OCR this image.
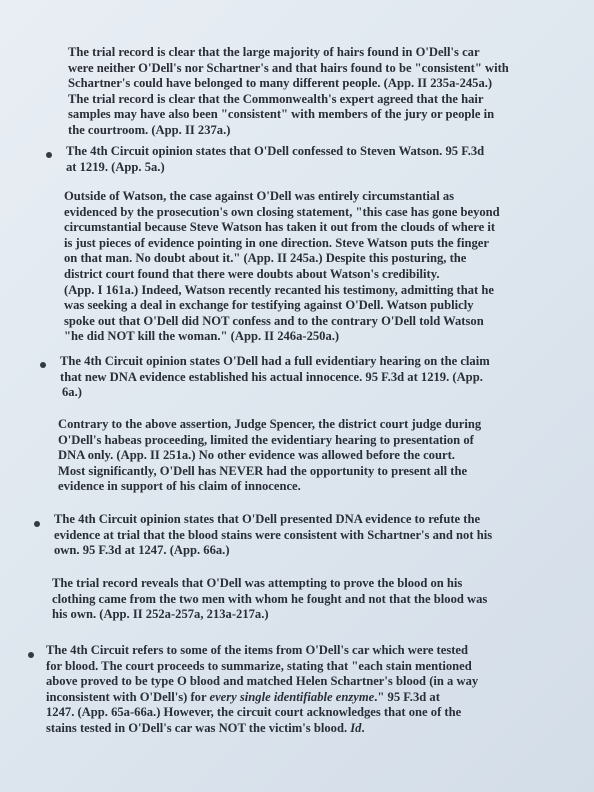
The trial record is clear that the large majority of hairs found in O'Dell's car
were neither O'Dell's nor Schartner's and that hairs found to be "consistent" with
Schartner's could have belonged to many different people. (App. II 235a-245a.)
The trial record is clear that the Commonwealth's expert agreed that the hair
samples may have also been "consistent" with members of the jury or people in
the courtroom. (App. II 237a.)
The 4th Circuit opinion states that O'Dell confessed to Steven Watson. 95 F.3d
at 1219. (App. 5a.)
Outside of Watson, the case against O'Dell was entirely circumstantial as
evidenced by the prosecution's own closing statement, "this case has gone beyond
circumstantial because Steve Watson has taken it out from the clouds of where it
is just pieces of evidence pointing in one direction. Steve Watson puts the finger
on that man. No doubt about it." (App. II 245a.) Despite this posturing, the
district court found that there were doubts about Watson's credibility.
(App. I 161a.) Indeed, Watson recently recanted his testimony, admitting that he
was seeking a deal in exchange for testifying against O'Dell. Watson publicly
spoke out that O'Dell did NOT confess and to the contrary O'Dell told Watson
"he did NOT kill the woman." (App. II 246a-250a.)
The 4th Circuit opinion states O'Dell had a full evidentiary hearing on the claim
that new DNA evidence established his actual innocence. 95 F.3d at 1219. (App.
6a.)
Contrary to the above assertion, Judge Spencer, the district court judge during
O'Dell's habeas proceeding, limited the evidentiary hearing to presentation of
DNA only. (App. II 251a.) No other evidence was allowed before the court.
Most significantly, O'Dell has NEVER had the opportunity to present all the
evidence in support of his claim of innocence.
The 4th Circuit opinion states that O'Dell presented DNA evidence to refute the
evidence at trial that the blood stains were consistent with Schartner's and not his
own. 95 F.3d at 1247. (App. 66a.)
The trial record reveals that O'Dell was attempting to prove the blood on his
clothing came from the two men with whom he fought and not that the blood was
his own. (App. II 252a-257a, 213a-217a.)
The 4th Circuit refers to some of the items from O'Dell's car which were tested
for blood. The court proceeds to summarize, stating that "each stain mentioned
above proved to be type O blood and matched Helen Schartner's blood (in a way
inconsistent with O'Dell's) for every single identifiable enzyme." 95 F.3d at
1247. (App. 65a-66a.) However, the circuit court acknowledges that one of the
stains tested in O'Dell's car was NOT the victim's blood. Id.
